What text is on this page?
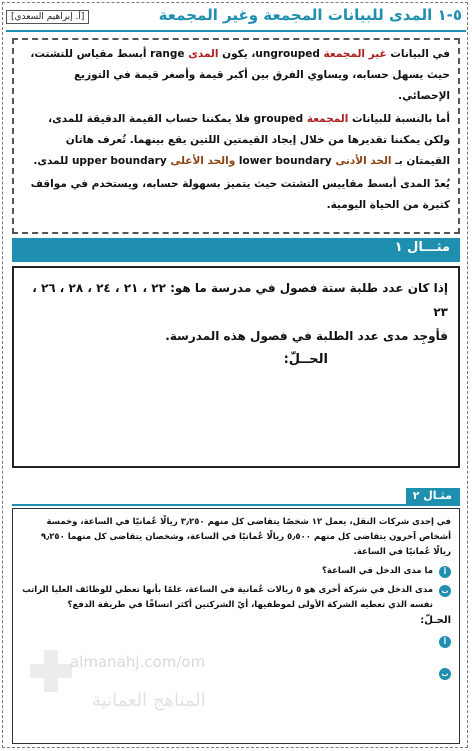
٥-١ المدى للبيانات المجمعة وغير المجمعة
[أ. إبراهيم السعدي]

في البيانات غير المجمعة ungrouped، يكون المدى range أبسط مقياس للتشتت، حيث يسهل حسابه، ويساوي الفرق بين أكبر قيمة وأصغر قيمة في التوزيع الإحصائي.

أما بالنسبة للبيانات المجمعة grouped فلا يمكننا حساب القيمة الدقيقة للمدى، ولكن يمكننا تقديرها من خلال إيجاد القيمتين اللتين يقع بينهما. تُعرف هاتان القيمتان بـ الحد الأدنى lower boundary والحد الأعلى upper boundary للمدى.

يُعدّ المدى أبسط مقاييس التشتت حيث يتميز بسهولة حسابه، ويستخدم في مواقف كثيرة من الحياة اليومية.

مثـــال ١

إذا كان عدد طلبة ستة فصول في مدرسة ما هو: ٢٢ ، ٢١ ، ٢٤ ، ٢٨ ، ٢٦ ، ٢٣

فأوجِد مدى عدد الطلبة في فصول هذه المدرسة.

الحــلّ:

مثـال ٢

في إحدى شركات النقل، يعمل ١٢ شخصًا يتقاضى كل منهم ٣٫٢٥٠ ريالًا عُمانيًا في الساعة، وخمسة أشخاص آخرون يتقاضى كل منهم ٥٫٥٠٠ ريالًا عُمانيًا في الساعة، وشخصان يتقاضى كل منهما ٩٫٢٥٠ ريالًا عُمانيًا في الساعة.

أ
ما مدى الدخل في الساعة؟
ب
مدى الدخل في شركة أخرى هو ٥ ريالات عُمانية في الساعة، علمًا بأنها تعطي للوظائف العليا الراتب نفسه الذي تعطيه الشركة الأولى لموظفيها، أيّ الشركتين أكثر اتساقًا في طريقة الدفع؟

الحـلّ:

أ
ب
almanahj.com/om
المناهج العمانية
